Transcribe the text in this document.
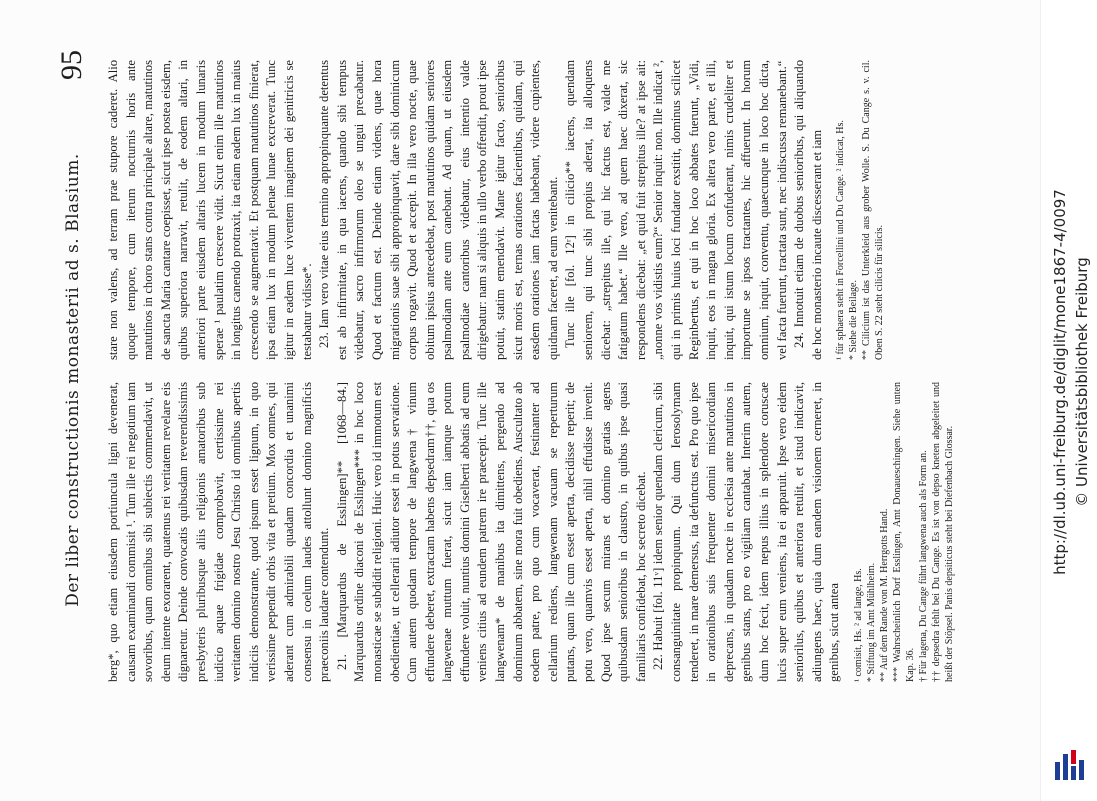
Der liber constructionis monasterii ad s. Blasium.
95

berg*, quo etiam eiusdem portiuncula ligni devenerat, causam examinandi commisit ¹. Tum ille rei negotium tam sovoribus, quam omnibus sibi subiectis commendavit, ut deum intente exorarent, quatenus rei veritatem revelare eis dignaretur. Deinde convocatis quibusdam reverendissimis presbyteris pluribusque aliis religionis amatoribus sub iudicio aquae frigidae comprobavit, certissime rei veritatem domino nostro Jesu Christo id omnibus apertis indiciis demonstrante, quod ipsum esset lignum, in quo verissime pependit orbis vita et pretium. Mox omnes, qui aderant cum admirabili quadam concordia et unanimi consensu in coelum laudes attollunt domino magnificis praeconiis laudare contendunt. 21. [Marquardus de Esslingen]** [1068—84.] Marquardus ordine diaconi de Esslingen*** in hoc loco monasticae se subdidit religioni. Huic vero id immotum est obedientiae, ut cellerarii adiutor esset in potus servatione. Cum autem quodam tempore de langwena† vinum effundere deberet, extractam habens depsedram††, qua os langwenae muttum fuerat, sicut iam iamque potum effundere voluit, nuntius domini Giselberti abbatis ad eum veniens citius ad eundem patrem ire praecepit. Tunc ille langwenam* de manibus ita dimittens, pergendo ad dominum abbatem, sine mora fuit obediens. Auscultato ab eodem patre, pro quo cum vocaverat, festinanter ad cellarium rediens, langwenam vacuam se reperturum putans, quam ille cum esset aperta, decidisse reperit; de potu vero, quamvis esset aperta, nihil effudisse invenit. Quod ipse secum mirans et domino gratias agens quibusdam senioribus in claustro, in quibus ipse quasi familiaris confidebat, hoc secreto dicebat. 22. Habuit [fol. 11ᵛ] idem senior quendam clericum, sibi consanguinitate propinquum. Qui dum Ierosolymam tenderet, in mare demersus, ita defunctus est. Pro quo ipse in orationibus suis frequenter domini misericordiam deprecans, in quadam nocte in ecclesia ante matutinos in genibus stans, pro eo vigiliam cantabat. Interim autem, dum hoc fecit, idem nepus illius in splendore coruscae lucis super eum veniens, ita ei apparuit. Ipse vero eidem seniorilus, quibus et anteriora retulit, et istud indicavit, adiungens haec, quia dum eandem visionem cerneret, in genibus, sicut antea ¹ comisit, Hs. ² ad lange, Hs. * Stiftung im Amt Mühlheim. ** Auf dem Rande von M. Herrgotts Hand. *** Wahrscheinlich Dorf Esslingen, Amt Donaueschingen. Siehe unten Kap. 36. † Für lagena, Du Cange führt langwena auch als Form an. †† depsedra fehlt bei Du Cange. Es ist von depso kneten abgeleitet und heißt der Stöpsel. Panis depsiticus steht bei Diefenbach Glossar.

stare non valens, ad terram prae stupore caderet. Alio quoque tempore, cum iterum nocturnis horis ante matutinos in choro stans contra principale altare, matutinos de sancta Maria cantare coepisset, sicut ipse postea eisdem, quibus superiora narravit, retulit, de eodem altari, in anteriori parte eiusdem altaris lucem in modum lunaris sperae ¹ paulatim crescere vidit. Sicut enim ille matutinos in longitus canendo protraxit, ita etiam eadem lux in maius crescendo se augmentavit. Et postquam matutinos finierat, ipsa etiam lux in modum plenae lunae excreverat. Tunc igitur in eadem luce viventem imaginem dei genitricis se testabatur vidisse*. 23. Iam vero vitae eius termino appropinquante detentus est ab infirmitate, in qua iacens, quando sibi tempus videbatur, sacro infirmorum oleo se ungui precabatur. Quod et factum est. Deinde etiam videns, quae hora migrationis suae sibi appropinquavit, dare sibi dominicum corpus rogavit. Quod et accepit. In illa vero nocte, quae obitum ipsius antecedebat, post matutinos quidam seniores psalmodiam ante eum canebant. Ad quam, ut eiusdem psalmodiae cantoribus videbatur, eius intentio valde dirigebatur: nam si aliquis in ullo verbo offendit, prout ipse potuit, statim emendavit. Mane igitur facto, senioribus sicut moris est, ternas orationes facientibus, quidam, qui easdem orationes iam factas habebant, videre cupientes, quidnam faceret, ad eum venitebant. Tunc ille [fol. 12ʳ] in cilicio** iacens, quendam seniorem, qui tunc sibi propius aderat, ita alloquens dicebat: „strepitus ille, qui hic factus est, valde me fatigatum habet.“ Ille vero, ad quem haec dixerat, sic respondens dicebat: „et quid fuit strepitus ille? at ipse ait: „nonne vos vidistis eum?“ Senior inquit: non. Ille indicat ², qui in primis huius loci fundator exstitit, dominus scilicet Reginbertus, et qui in hoc loco abbates fuerunt, „Vidi, inquit, eos in magna gloria. Ex altera vero parte, et illi, inquit, qui istum locum confuderant, nimis crudeliter et importune se ipsos tractantes, hic affuerunt. In horum omnium, inquit, conventu, quaecunque in loco hoc dicta, vel facta fuerunt, tractata sunt, nec indiscussa remanebant.“ 24. Innotuit etiam de duobus senioribus, qui aliquando de hoc monasterio incaute discesserant et iam ¹ für sphaera steht in Forcellini und Du Cange. ² indicat, Hs. * Siehe die Beilage. ** Cilicium ist das Unterkleid aus grober Wolle. S. Du Cange s. v. cil. Oben S. 22 steht cilicis für silicis.	http://dl.ub.uni-freiburg.de/diglit/mone1867-4/0097 © Universitätsbibliothek Freiburg
